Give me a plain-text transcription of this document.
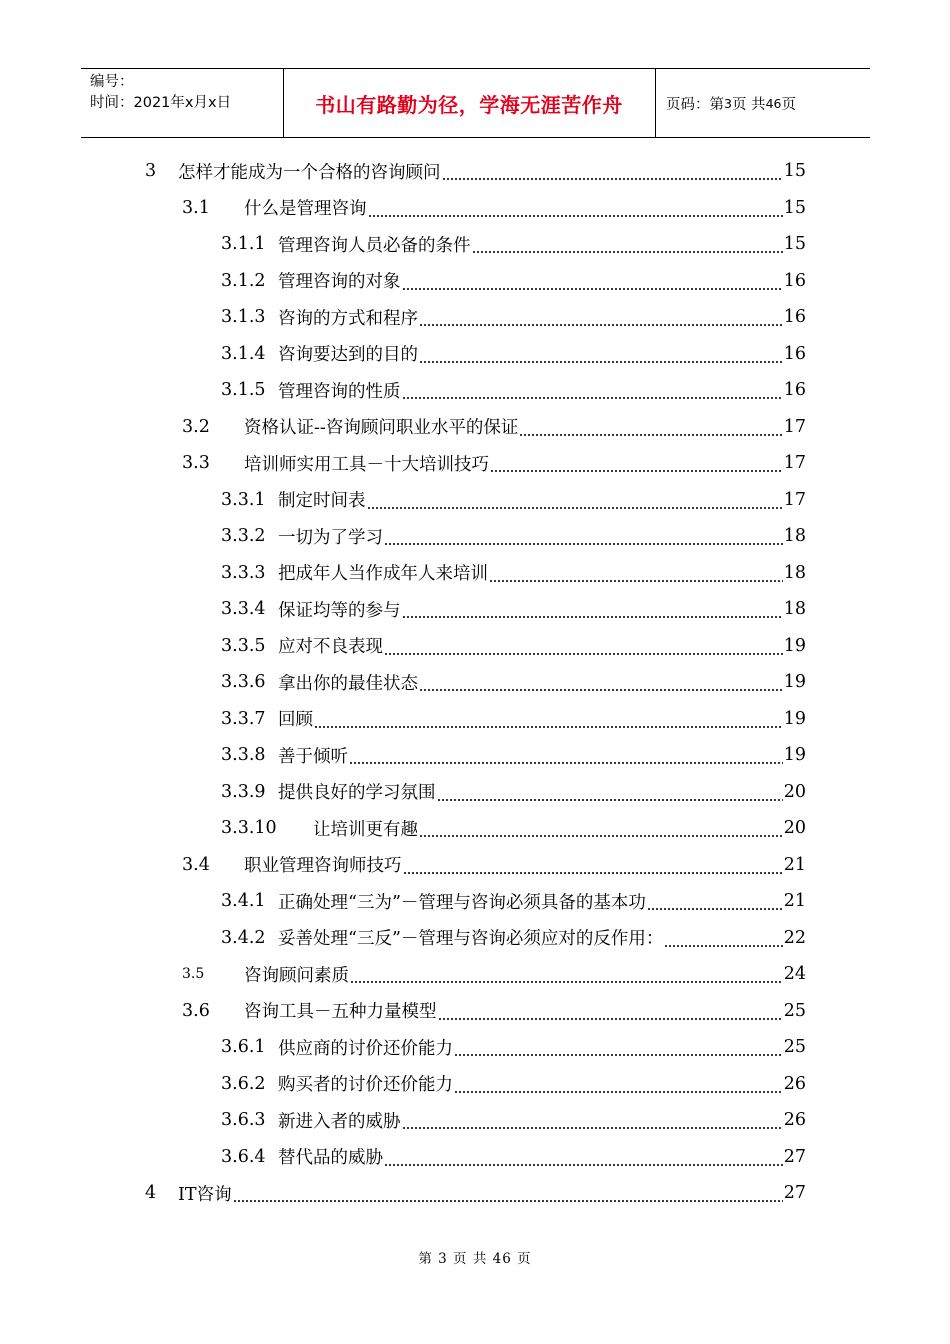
编号：
时间：2021年x月x日	书山有路勤为径，学海无涯苦作舟	页码：第 3 页 共 46 页
3	怎样才能成为一个合格的咨询顾问	15
3.1	什么是管理咨询	15
3.1.1 管理咨询人员必备的条件	15
3.1.2 管理咨询的对象	16
3.1.3 咨询的方式和程序	16
3.1.4 咨询要达到的目的	16
3.1.5 管理咨询的性质	16
3.2	资格认证--咨询顾问职业水平的保证	17
3.3	培训师实用工具－十大培训技巧	17
3.3.1 制定时间表	17
3.3.2 一切为了学习	18
3.3.3 把成年人当作成年人来培训	18
3.3.4 保证均等的参与	18
3.3.5 应对不良表现	19
3.3.6 拿出你的最佳状态	19
3.3.7 回顾	19
3.3.8 善于倾听	19
3.3.9 提供良好的学习氛围	20
3.3.10	让培训更有趣	20
3.4	职业管理咨询师技巧	21
3.4.1 正确处理“三为”－管理与咨询必须具备的基本功	21
3.4.2 妥善处理“三反”－管理与咨询必须应对的反作用：	22
3.5	咨询顾问素质	24
3.6	咨询工具－五种力量模型	25
3.6.1 供应商的讨价还价能力	25
3.6.2 购买者的讨价还价能力	26
3.6.3 新进入者的威胁	26
3.6.4 替代品的威胁	27
4	IT咨询	27
第 3 页 共 46 页
